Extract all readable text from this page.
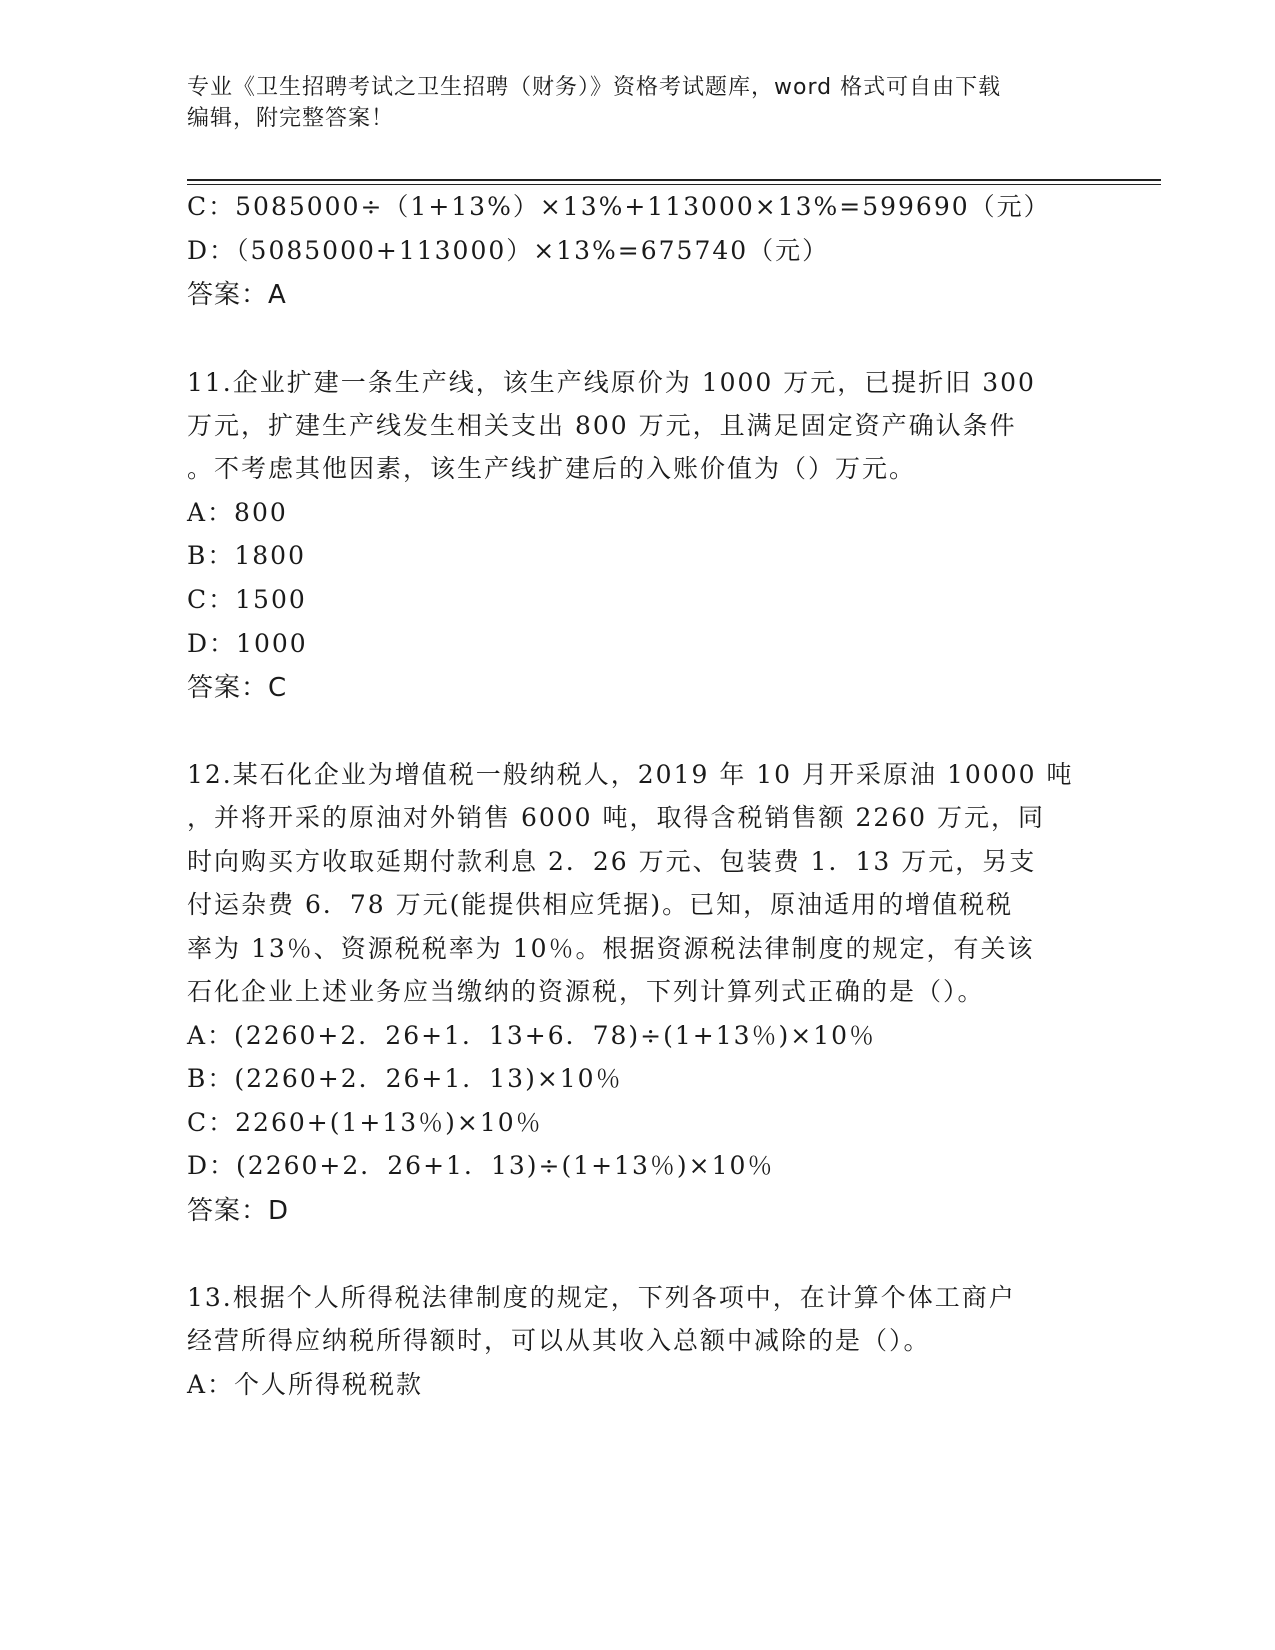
专业《卫生招聘考试之卫生招聘（财务）》资格考试题库，word 格式可自由下载
编辑，附完整答案！
C：5085000÷（1+13%）×13%+113000×13%=599690（元）
D：（5085000+113000）×13%=675740（元）
答案：A
11.企业扩建一条生产线，该生产线原价为 1000 万元，已提折旧 300
万元，扩建生产线发生相关支出 800 万元，且满足固定资产确认条件
。不考虑其他因素，该生产线扩建后的入账价值为（）万元。
A：800
B：1800
C：1500
D：1000
答案：C
12.某石化企业为增值税一般纳税人，2019 年 10 月开采原油 10000 吨
，并将开采的原油对外销售 6000 吨，取得含税销售额 2260 万元，同
时向购买方收取延期付款利息 2．26 万元、包装费 1．13 万元，另支
付运杂费 6．78 万元(能提供相应凭据)。已知，原油适用的增值税税
率为 13％、资源税税率为 10％。根据资源税法律制度的规定，有关该
石化企业上述业务应当缴纳的资源税，下列计算列式正确的是（）。
A：(2260+2．26+1．13+6．78)÷(1+13％)×10％
B：(2260+2．26+1．13)×10％
C：2260+(1+13％)×10％
D：(2260+2．26+1．13)÷(1+13％)×10％
答案：D
13.根据个人所得税法律制度的规定，下列各项中，在计算个体工商户
经营所得应纳税所得额时，可以从其收入总额中减除的是（）。
A：个人所得税税款
